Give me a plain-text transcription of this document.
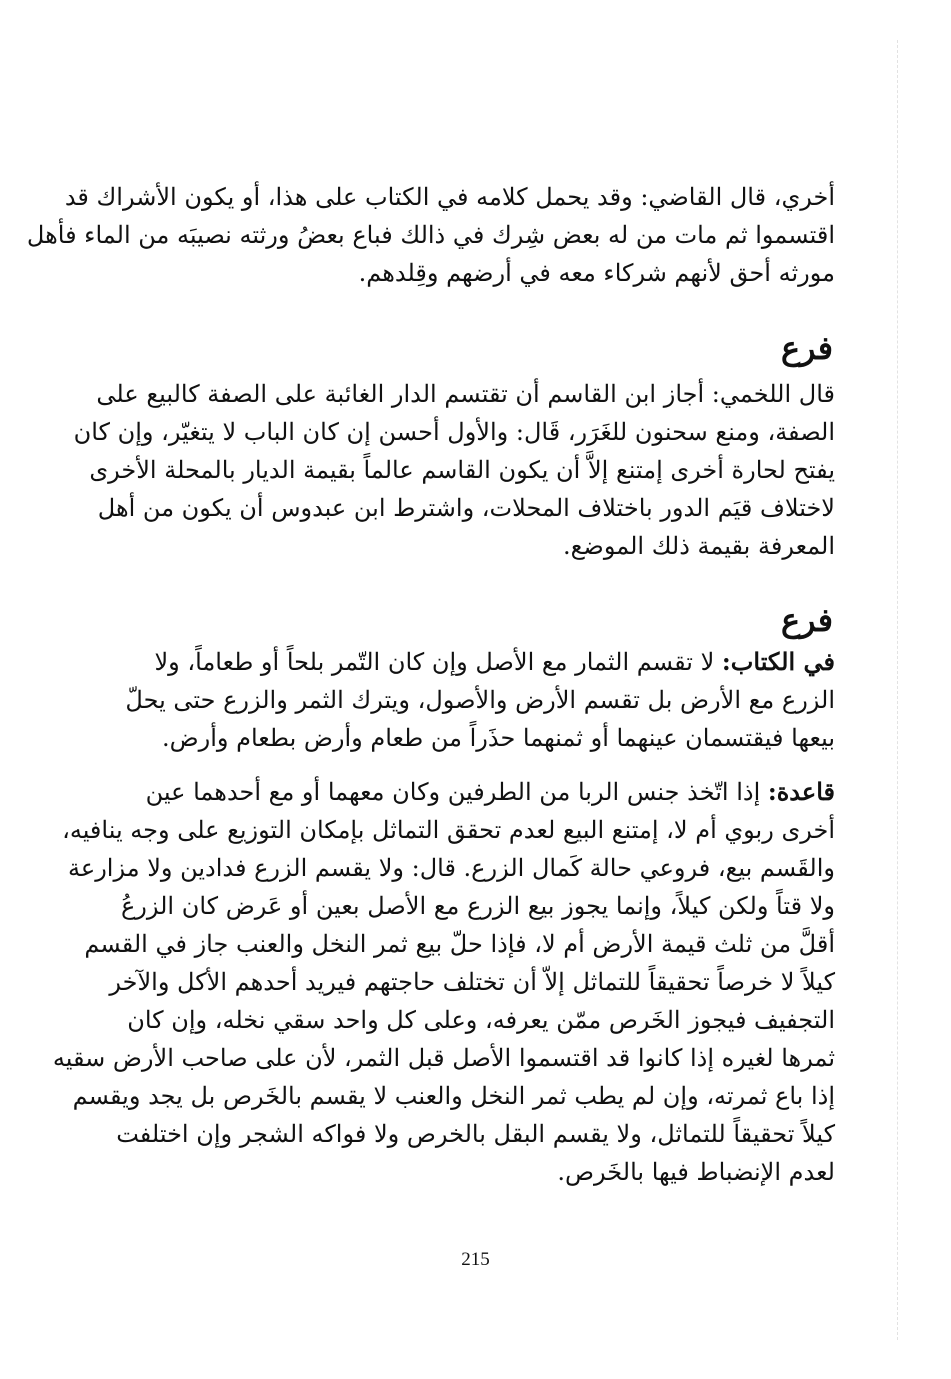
أخري، قال القاضي: وقد يحمل كلامه في الكتاب على هذا، أو يكون الأشراك قد
اقتسموا ثم مات من له بعض شِرك في ذالك فباع بعضُ ورثته نصيبَه من الماء فأهل
مورثه أحق لأنهم شركاء معه في أرضهم وقِلدهم.
فرع
قال اللخمي: أجاز ابن القاسم أن تقتسم الدار الغائبة على الصفة كالبيع على
الصفة، ومنع سحنون للغَرَر، قَال: والأول أحسن إن كان الباب لا يتغيّر، وإن كان
يفتح لحارة أخرى إمتنع إلاَّ أن يكون القاسم عالماً بقيمة الديار بالمحلة الأخرى
لاختلاف قيَم الدور باختلاف المحلات، واشترط ابن عبدوس أن يكون من أهل
المعرفة بقيمة ذلك الموضع.
فرع
في الكتاب: لا تقسم الثمار مع الأصل وإن كان التّمر بلحاً أو طعاماً، ولا
الزرع مع الأرض بل تقسم الأرض والأصول، ويترك الثمر والزرع حتى يحلّ
بيعها فيقتسمان عينهما أو ثمنهما حذَراً من طعام وأرض بطعام وأرض.
قاعدة: إذا اتّخذ جنس الربا من الطرفين وكان معهما أو مع أحدهما عين
أخرى ربوي أم لا، إمتنع البيع لعدم تحقق التماثل بإمكان التوزيع على وجه ينافيه،
والقَسم بيع، فروعي حالة كَمال الزرع. قال: ولا يقسم الزرع فدادين ولا مزارعة
ولا قتاً ولكن كيلاً، وإنما يجوز بيع الزرع مع الأصل بعين أو عَرض كان الزرعُ
أقلَّ من ثلث قيمة الأرض أم لا، فإذا حلّ بيع ثمر النخل والعنب جاز في القسم
كيلاً لا خرصاً تحقيقاً للتماثل إلاّ أن تختلف حاجتهم فيريد أحدهم الأكل والآخر
التجفيف فيجوز الخَرص ممّن يعرفه، وعلى كل واحد سقي نخله، وإن كان
ثمرها لغيره إذا كانوا قد اقتسموا الأصل قبل الثمر، لأن على صاحب الأرض سقيه
إذا باع ثمرته، وإن لم يطب ثمر النخل والعنب لا يقسم بالخَرص بل يجد ويقسم
كيلاً تحقيقاً للتماثل، ولا يقسم البقل بالخرص ولا فواكه الشجر وإن اختلفت
لعدم الإنضباط فيها بالخَرص.
215
